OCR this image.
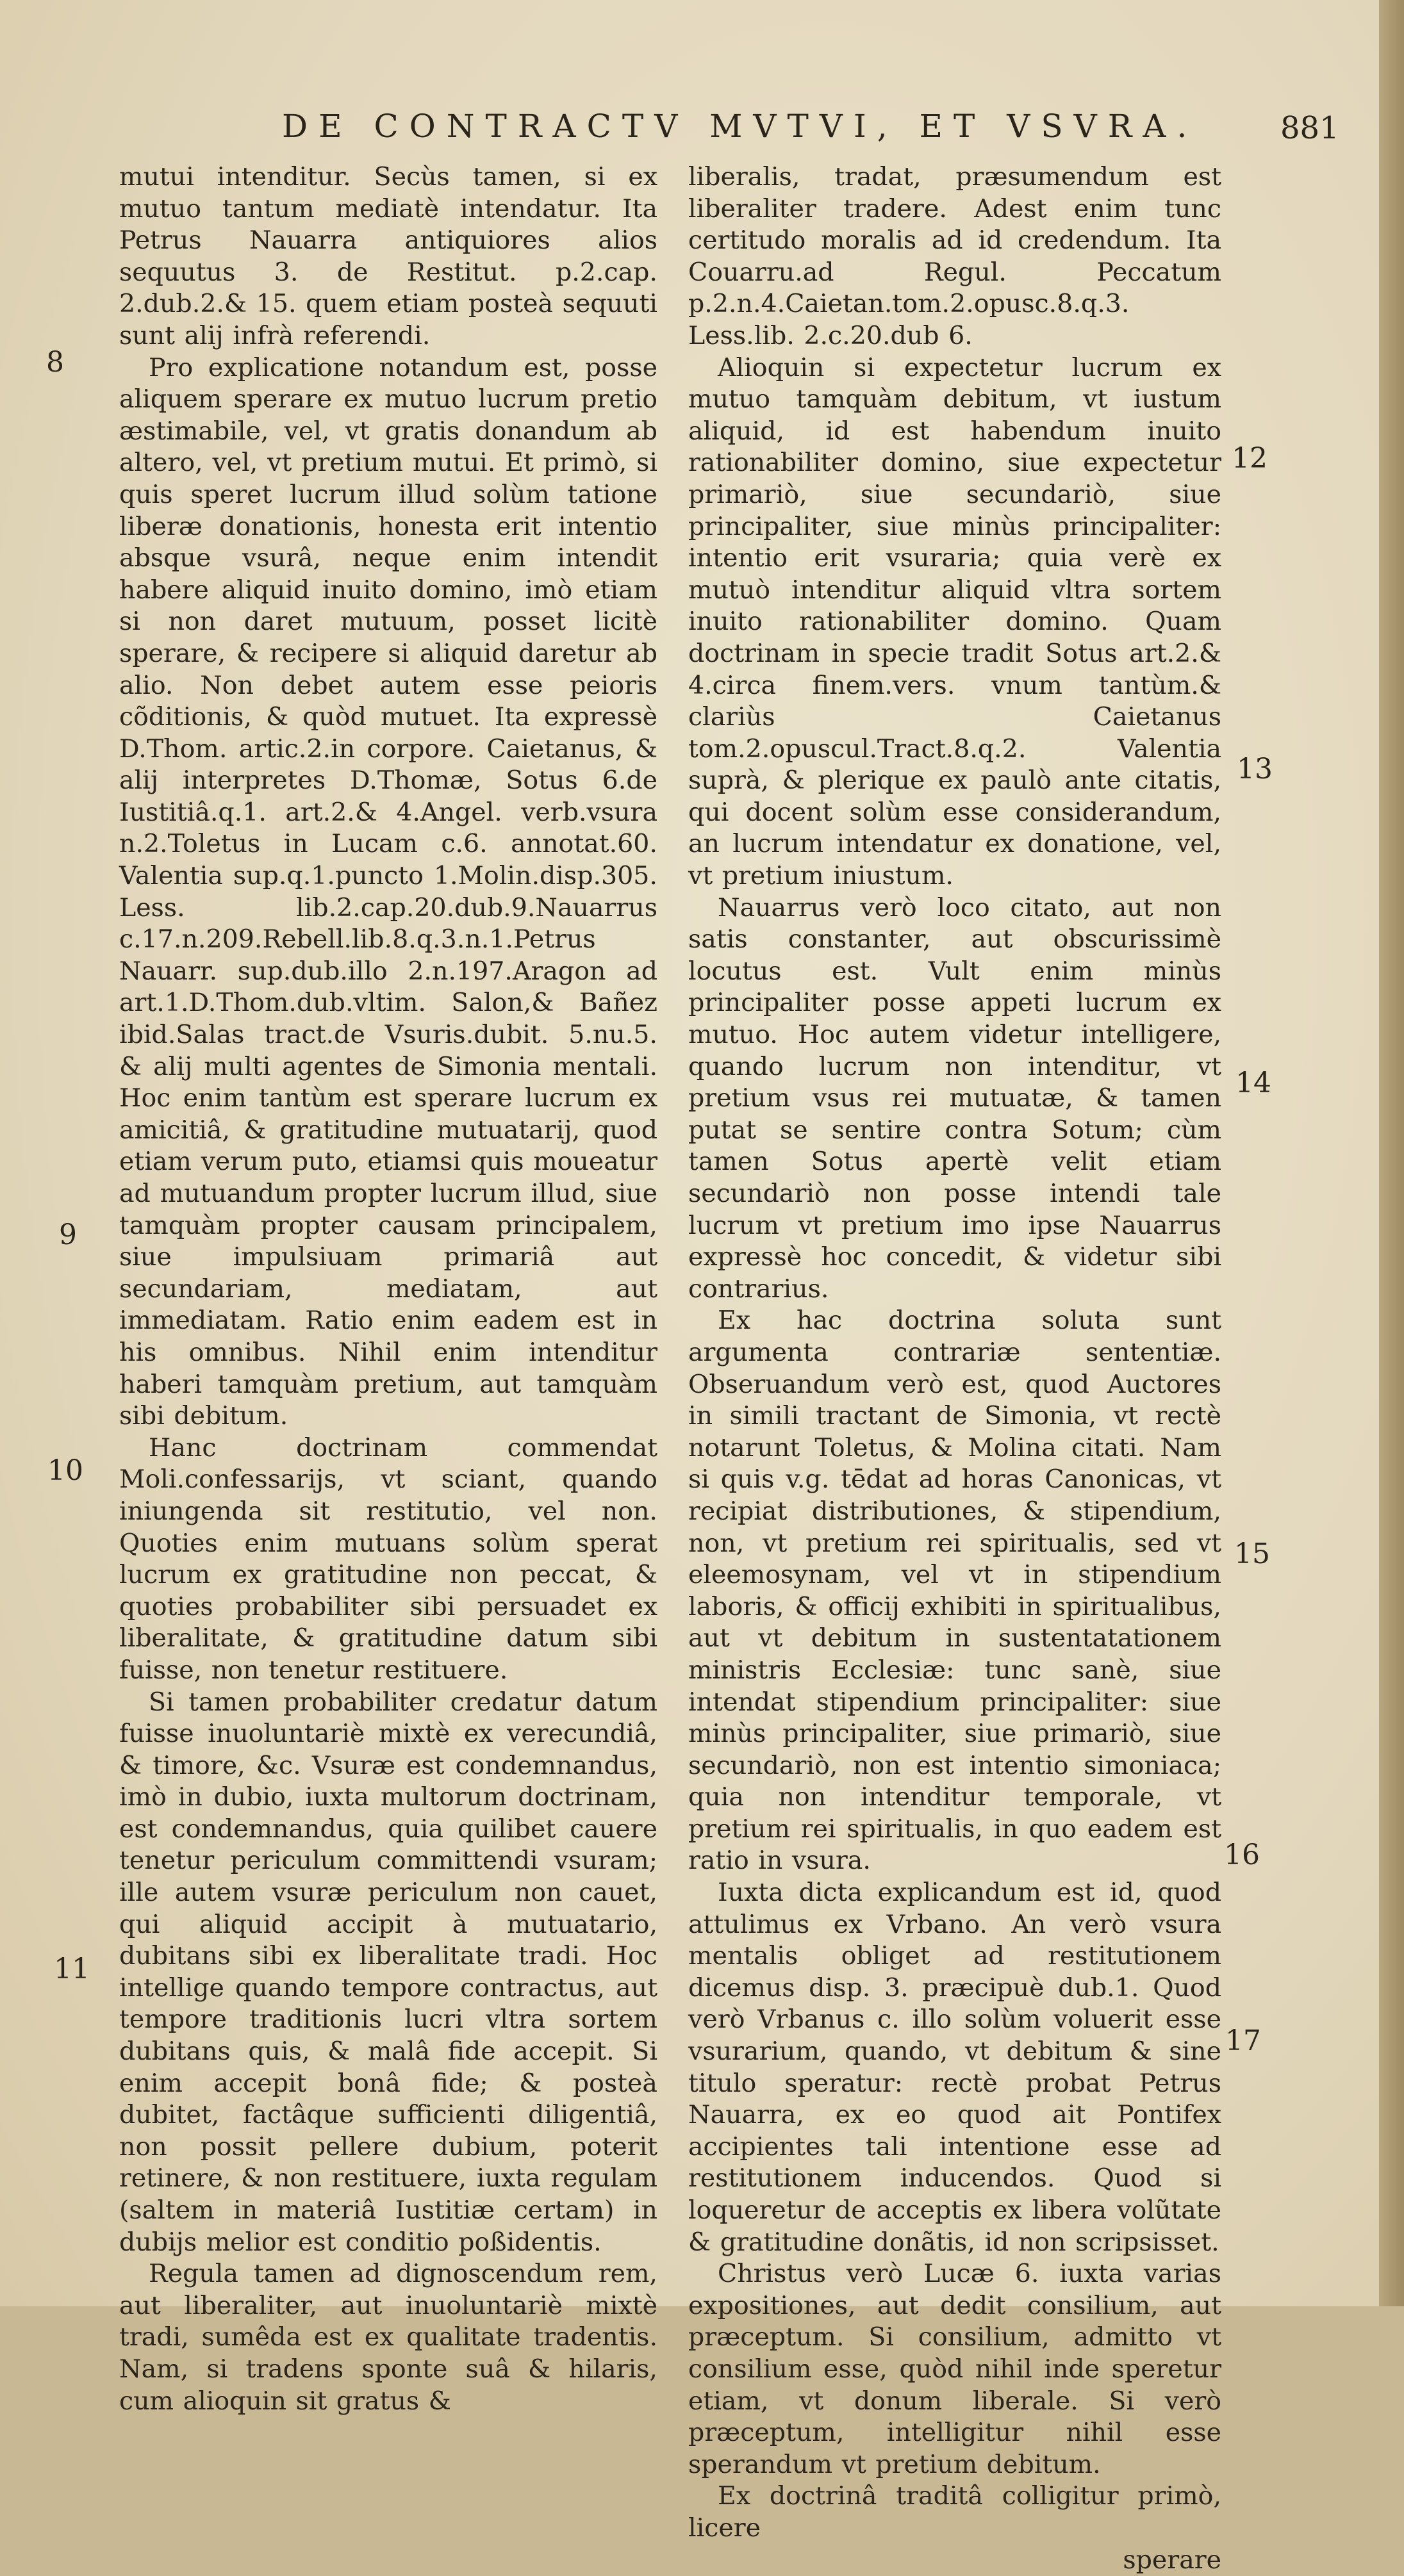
DE CONTRACTV MVTVI, ET VSVRA.	881

mutui intenditur. Secùs tamen, si ex mutuo tantum mediatè intendatur. Ita Petrus Nauarra antiquiores alios sequutus 3. de Restitut. p.2.cap. 2.dub.2.& 15. quem etiam posteà sequuti sunt alij infrà referendi.

Pro explicatione notandum est, posse aliquem sperare ex mutuo lucrum pretio æstimabile, vel, vt gratis donandum ab altero, vel, vt pretium mutui. Et primò, si quis speret lucrum illud solùm tatione liberæ donationis, honesta erit intentio absque vsurâ, neque enim intendit habere aliquid inuito domino, imò etiam si non daret mutuum, posset licitè sperare, & recipere si aliquid daretur ab alio. Non debet autem esse peioris cõditionis, & quòd mutuet. Ita expressè D.Thom. artic.2.in corpore. Caietanus, & alij interpretes D.Thomæ, Sotus 6.de Iustitiâ.q.1. art.2.& 4.Angel. verb.vsura n.2.Toletus in Lucam c.6. annotat.60. Valentia sup.q.1.puncto 1.Molin.disp.305. Less. lib.2.cap.20.dub.9.Nauarrus c.17.n.209.Rebell.lib.8.q.3.n.1.Petrus Nauarr. sup.dub.illo 2.n.197.Aragon ad art.1.D.Thom.dub.vltim. Salon,& Bañez ibid.Salas tract.de Vsuris.dubit. 5.nu.5. & alij multi agentes de Simonia mentali. Hoc enim tantùm est sperare lucrum ex amicitiâ, & gratitudine mutuatarij, quod etiam verum puto, etiamsi quis moueatur ad mutuandum propter lucrum illud, siue tamquàm propter causam principalem, siue impulsiuam primariâ aut secundariam, mediatam, aut immediatam. Ratio enim eadem est in his omnibus. Nihil enim intenditur haberi tamquàm pretium, aut tamquàm sibi debitum.

Hanc doctrinam commendat Moli.confessarijs, vt sciant, quando iniungenda sit restitutio, vel non. Quoties enim mutuans solùm sperat lucrum ex gratitudine non peccat, & quoties probabiliter sibi persuadet ex liberalitate, & gratitudine datum sibi fuisse, non tenetur restituere.

Si tamen probabiliter credatur datum fuisse inuoluntariè mixtè ex verecundiâ, & timore, &c. Vsuræ est condemnandus, imò in dubio, iuxta multorum doctrinam, est condemnandus, quia quilibet cauere tenetur periculum committendi vsuram; ille autem vsuræ periculum non cauet, qui aliquid accipit à mutuatario, dubitans sibi ex liberalitate tradi. Hoc intellige quando tempore contractus, aut tempore traditionis lucri vltra sortem dubitans quis, & malâ fide accepit. Si enim accepit bonâ fide; & posteà dubitet, factâque sufficienti diligentiâ, non possit pellere dubium, poterit retinere, & non restituere, iuxta regulam (saltem in materiâ Iustitiæ certam) in dubijs melior est conditio poßidentis.

Regula tamen ad dignoscendum rem, aut liberaliter, aut inuoluntariè mixtè tradi, sumêda est ex qualitate tradentis. Nam, si tradens sponte suâ & hilaris, cum alioquin sit gratus &

8
9
10
11

liberalis, tradat, præsumendum est liberaliter tradere. Adest enim tunc certitudo moralis ad id credendum. Ita Couarru.ad Regul. Peccatum p.2.n.4.Caietan.tom.2.opusc.8.q.3. Less.lib. 2.c.20.dub 6.

Alioquin si expectetur lucrum ex mutuo tamquàm debitum, vt iustum aliquid, id est habendum inuito rationabiliter domino, siue expectetur primariò, siue secundariò, siue principaliter, siue minùs principaliter: intentio erit vsuraria; quia verè ex mutuò intenditur aliquid vltra sortem inuito rationabiliter domino. Quam doctrinam in specie tradit Sotus art.2.& 4.circa finem.vers. vnum tantùm.& clariùs Caietanus tom.2.opuscul.Tract.8.q.2. Valentia suprà, & plerique ex paulò ante citatis, qui docent solùm esse considerandum, an lucrum intendatur ex donatione, vel, vt pretium iniustum.

Nauarrus verò loco citato, aut non satis constanter, aut obscurissimè locutus est. Vult enim minùs principaliter posse appeti lucrum ex mutuo. Hoc autem videtur intelligere, quando lucrum non intenditur, vt pretium vsus rei mutuatæ, & tamen putat se sentire contra Sotum; cùm tamen Sotus apertè velit etiam secundariò non posse intendi tale lucrum vt pretium imo ipse Nauarrus expressè hoc concedit, & videtur sibi contrarius.

Ex hac doctrina soluta sunt argumenta contrariæ sententiæ. Obseruandum verò est, quod Auctores in simili tractant de Simonia, vt rectè notarunt Toletus, & Molina citati. Nam si quis v.g. tēdat ad horas Canonicas, vt recipiat distributiones, & stipendium, non, vt pretium rei spiritualis, sed vt eleemosynam, vel vt in stipendium laboris, & officij exhibiti in spiritualibus, aut vt debitum in sustentatationem ministris Ecclesiæ: tunc sanè, siue intendat stipendium principaliter: siue minùs principaliter, siue primariò, siue secundariò, non est intentio simoniaca; quia non intenditur temporale, vt pretium rei spiritualis, in quo eadem est ratio in vsura.

Iuxta dicta explicandum est id, quod attulimus ex Vrbano. An verò vsura mentalis obliget ad restitutionem dicemus disp. 3. præcipuè dub.1. Quod verò Vrbanus c. illo solùm voluerit esse vsurarium, quando, vt debitum & sine titulo speratur: rectè probat Petrus Nauarra, ex eo quod ait Pontifex accipientes tali intentione esse ad restitutionem inducendos. Quod si loqueretur de acceptis ex libera volũtate & gratitudine donãtis, id non scripsisset.

Christus verò Lucæ 6. iuxta varias expositiones, aut dedit consilium, aut præceptum. Si consilium, admitto vt consilium esse, quòd nihil inde speretur etiam, vt donum liberale. Si verò præceptum, intelligitur nihil esse sperandum vt pretium debitum.

Ex doctrinâ traditâ colligitur primò, licere

sperare

12
13
14
15
16
17
